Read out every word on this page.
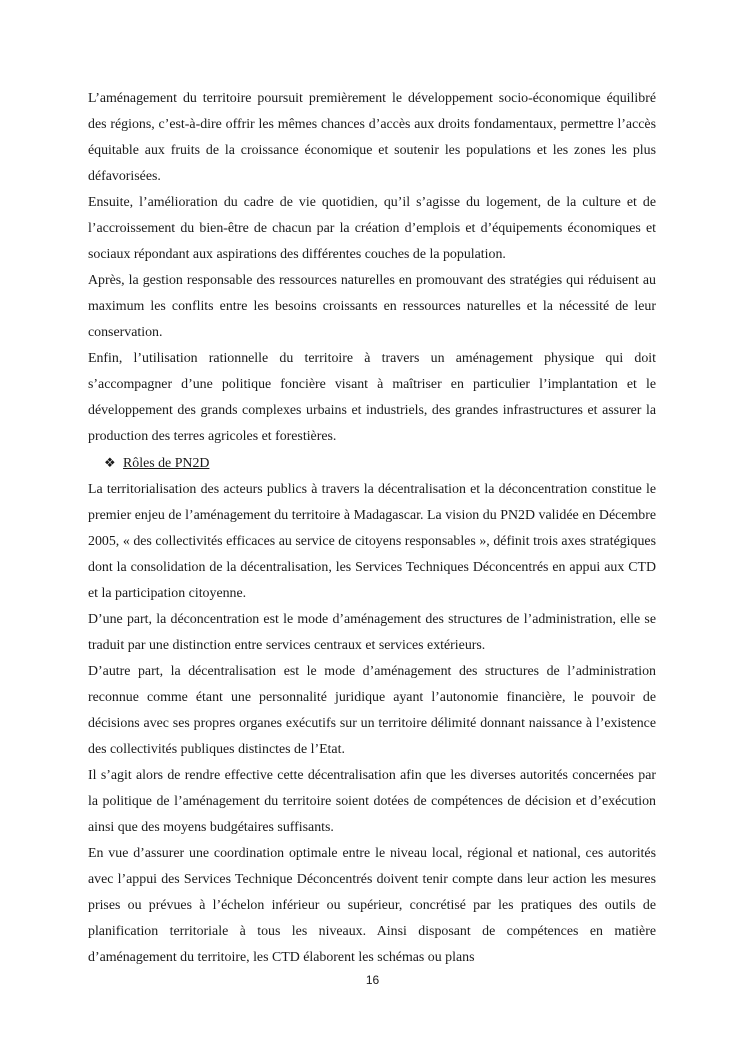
L’aménagement du territoire poursuit premièrement le développement socio-économique équilibré des régions, c’est-à-dire offrir les mêmes chances d’accès aux droits fondamentaux, permettre l’accès équitable aux fruits de la croissance économique et soutenir les populations et les zones les plus défavorisées.

Ensuite, l’amélioration du cadre de vie quotidien, qu’il s’agisse du logement, de la culture et de l’accroissement du bien-être de chacun par la création d’emplois et d’équipements économiques et sociaux répondant aux aspirations des différentes couches de la population.

Après, la gestion responsable des ressources naturelles en promouvant des stratégies qui réduisent au maximum les conflits entre les besoins croissants en ressources naturelles et la nécessité de leur conservation.

Enfin, l’utilisation rationnelle du territoire à travers un aménagement physique qui doit s’accompagner d’une politique foncière visant à maîtriser en particulier l’implantation et le développement des grands complexes urbains et industriels, des grandes infrastructures et assurer la production des terres agricoles et forestières.

❖ Rôles de PN2D

La territorialisation des acteurs publics à travers la décentralisation et la déconcentration constitue le premier enjeu de l’aménagement du territoire à Madagascar. La vision du PN2D validée en Décembre 2005, « des collectivités efficaces au service de citoyens responsables », définit trois axes stratégiques dont la consolidation de la décentralisation, les Services Techniques Déconcentrés en appui aux CTD et la participation citoyenne.

D’une part, la déconcentration est le mode d’aménagement des structures de l’administration, elle se traduit par une distinction entre services centraux et services extérieurs.

D’autre part, la décentralisation est le mode d’aménagement des structures de l’administration reconnue comme étant une personnalité juridique ayant l’autonomie financière, le pouvoir de décisions avec ses propres organes exécutifs sur un territoire délimité donnant naissance à l’existence des collectivités publiques distinctes de l’Etat.

Il s’agit alors de rendre effective cette décentralisation afin que les diverses autorités concernées par la politique de l’aménagement du territoire soient dotées de compétences de décision et d’exécution ainsi que des moyens budgétaires suffisants.

En vue d’assurer une coordination optimale entre le niveau local, régional et national, ces autorités avec l’appui des Services Technique Déconcentrés doivent tenir compte dans leur action les mesures prises ou prévues à l’échelon inférieur ou supérieur, concrétisé par les pratiques des outils de planification territoriale à tous les niveaux. Ainsi disposant de compétences en matière d’aménagement du territoire, les CTD élaborent les schémas ou plans

16
